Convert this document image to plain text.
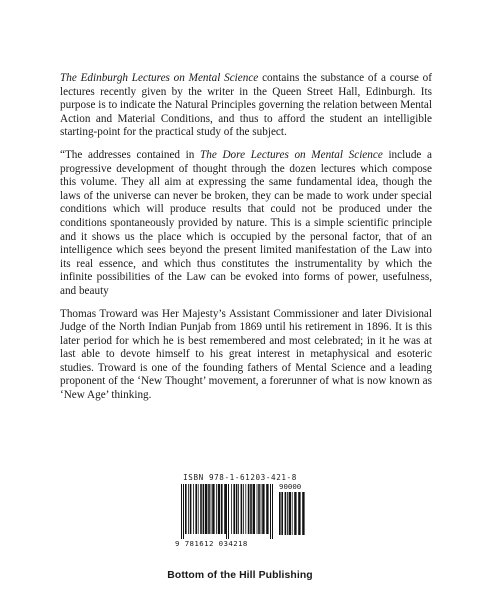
The Edinburgh Lectures on Mental Science contains the substance of a course of lectures recently given by the writer in the Queen Street Hall, Edinburgh. Its purpose is to indicate the Natural Principles governing the relation between Mental Action and Material Conditions, and thus to afford the student an intelligible starting-point for the practical study of the subject.

“The addresses contained in The Dore Lectures on Mental Science include a progressive development of thought through the dozen lectures which compose this volume. They all aim at expressing the same fundamental idea, though the laws of the universe can never be broken, they can be made to work under special conditions which will produce results that could not be produced under the conditions spontaneously provided by nature. This is a simple scientific principle and it shows us the place which is occupied by the personal factor, that of an intelligence which sees beyond the present limited manifestation of the Law into its real essence, and which thus constitutes the instrumentality by which the infinite possibilities of the Law can be evoked into forms of power, usefulness, and beauty

Thomas Troward was Her Majesty’s Assistant Commissioner and later Divisional Judge of the North Indian Punjab from 1869 until his retirement in 1896. It is this later period for which he is best remembered and most celebrated; in it he was at last able to devote himself to his great interest in metaphysical and esoteric studies. Troward is one of the founding fathers of Mental Science and a leading proponent of the ‘New Thought’ movement, a forerunner of what is now known as ‘New Age’ thinking.

ISBN 978-1-61203-421-8
9 781612 034218
90000
Bottom of the Hill Publishing
